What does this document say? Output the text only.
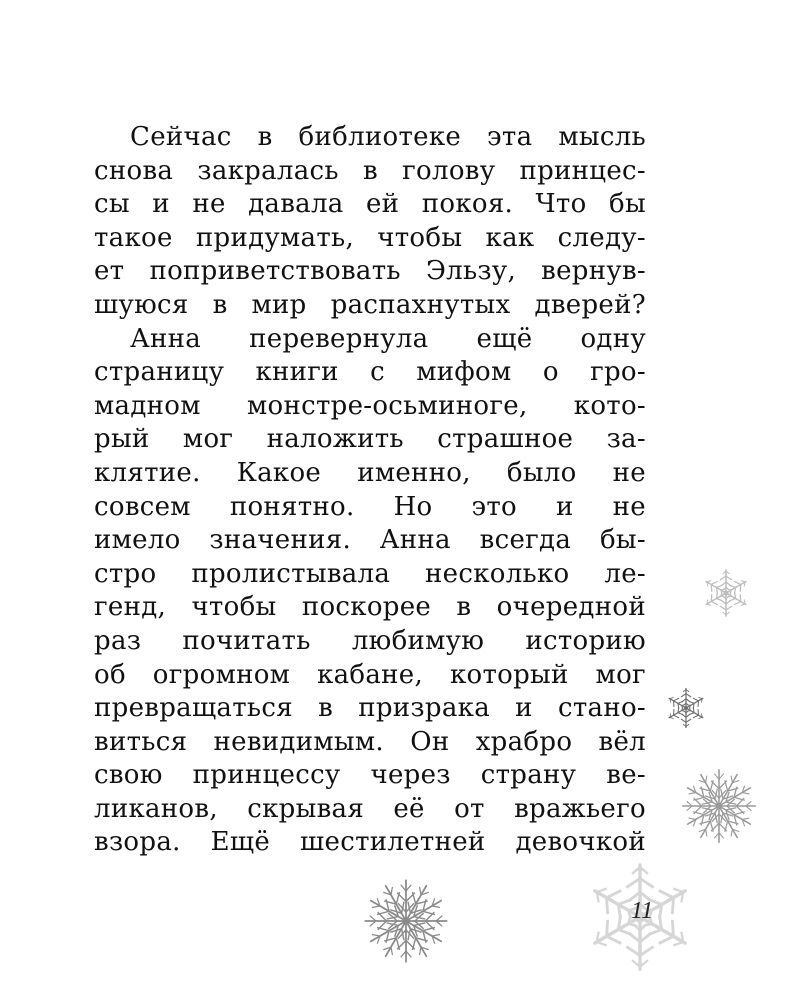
Сейчас в библиотеке эта мысль
снова закралась в голову принцес-
сы и не давала ей покоя. Что бы
такое придумать, чтобы как следу-
ет поприветствовать Эльзу, вернув-
шуюся в мир распахнутых дверей?
Анна перевернула ещё одну
страницу книги с мифом о гро-
мадном монстре-осьминоге, кото-
рый мог наложить страшное за-
клятие. Какое именно, было не
совсем понятно. Но это и не
имело значения. Анна всегда бы-
стро пролистывала несколько ле-
генд, чтобы поскорее в очередной
раз почитать любимую историю
об огромном кабане, который мог
превращаться в призрака и стано-
виться невидимым. Он храбро вёл
свою принцессу через страну ве-
ликанов, скрывая её от вражьего
взора. Ещё шестилетней девочкой
11
